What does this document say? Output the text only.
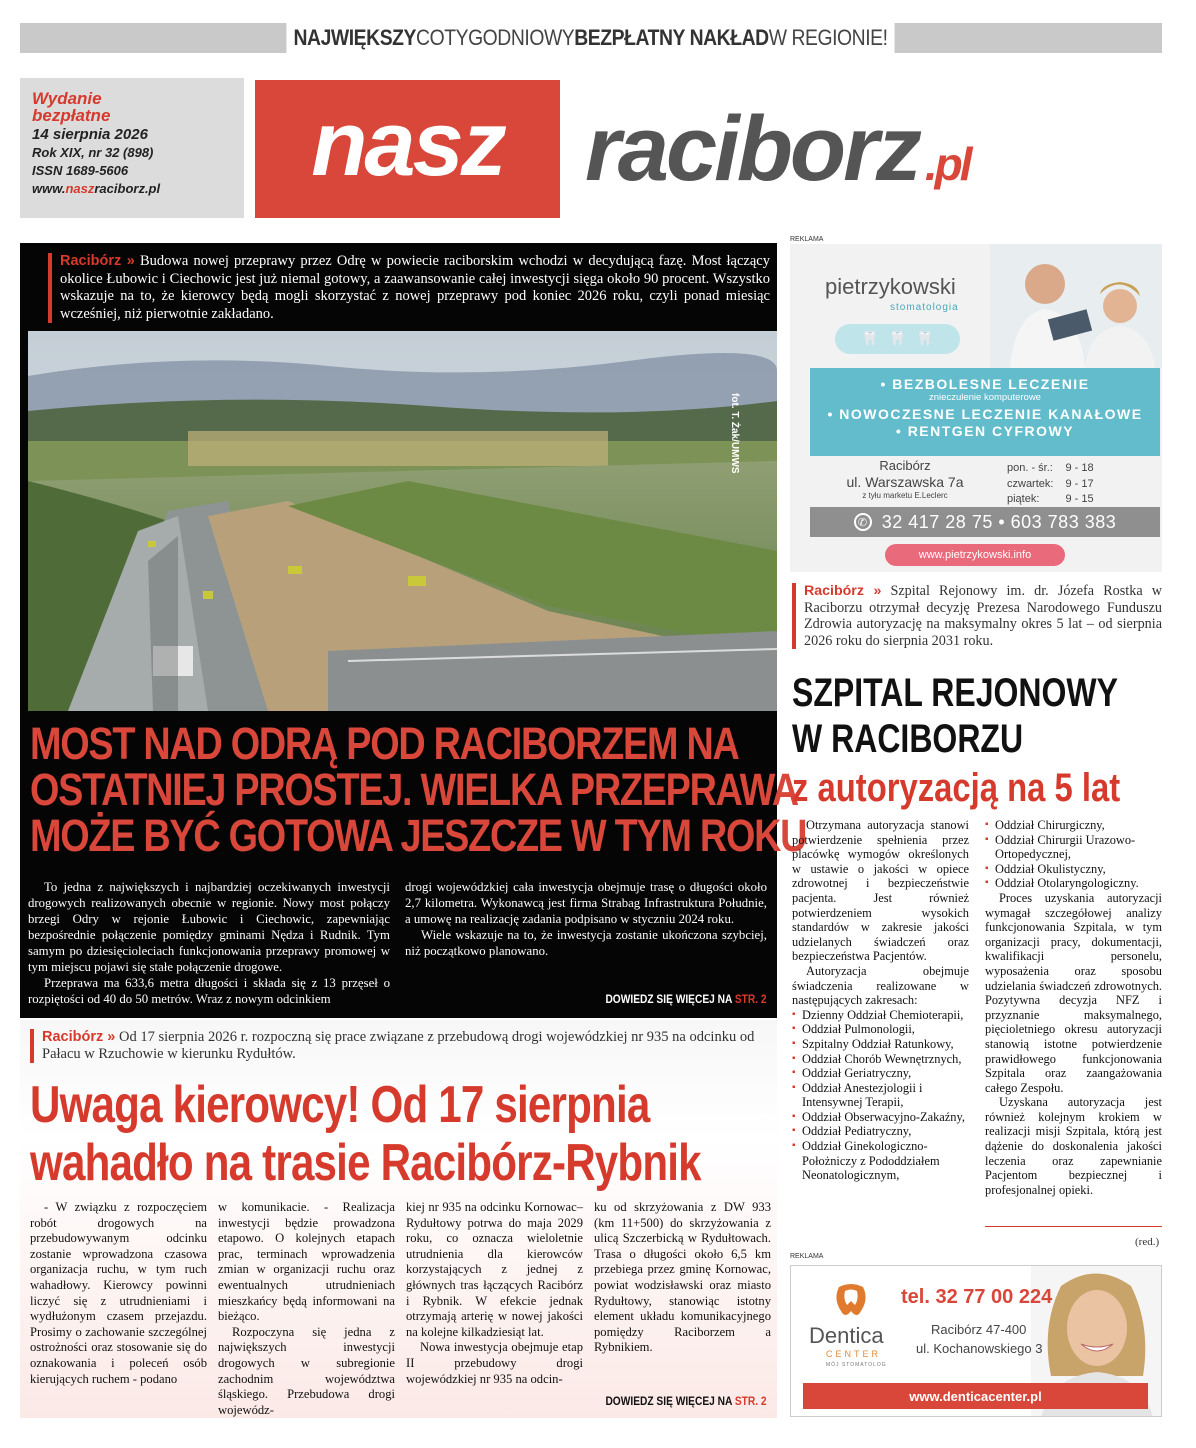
NAJWIĘKSZY COTYGODNIOWY BEZPŁATNY NAKŁAD W REGIONIE!
Wydanie bezpłatne
14 sierpnia 2026
Rok XIX, nr 32 (898)
ISSN 1689-5606
www.naszraciborz.pl	nasz raciborz .pl
Racibórz » Budowa nowej przeprawy przez Odrę w powiecie raciborskim wchodzi w decydującą fazę. Most łączący okolice Łubowic i Ciechowic jest już niemal gotowy, a zaawansowanie całej inwestycji sięga około 90 procent. Wszystko wskazuje na to, że kierowcy będą mogli skorzystać z nowej przeprawy pod koniec 2026 roku, czyli ponad miesiąc wcześniej, niż pierwotnie zakładano.
fot. T. Żak/UMWS
MOST NAD ODRĄ POD RACIBORZEM NA
OSTATNIEJ PROSTEJ. WIELKA PRZEPRAWA
MOŻE BYĆ GOTOWA JESZCZE W TYM ROKU

To jedna z największych i najbardziej oczekiwanych inwestycji drogowych realizowanych obecnie w regionie. Nowy most połączy brzegi Odry w rejonie Łubowic i Ciechowic, zapewniając bezpośrednie połączenie pomiędzy gminami Nędza i Rudnik. Tym samym po dziesięcioleciach funkcjonowania przeprawy promowej w tym miejscu pojawi się stałe połączenie drogowe.

Przeprawa ma 633,6 metra długości i składa się z 13 przęseł o rozpiętości od 40 do 50 metrów. Wraz z nowym odcinkiem

drogi wojewódzkiej cała inwestycja obejmuje trasę o długości około 2,7 kilometra. Wykonawcą jest firma Strabag Infrastruktura Południe, a umowę na realizację zadania podpisano w styczniu 2024 roku.

Wiele wskazuje na to, że inwestycja zostanie ukończona szybciej, niż początkowo planowano.

DOWIEDZ SIĘ WIĘCEJ NA STR. 2
Racibórz » Od 17 sierpnia 2026 r. rozpoczną się prace związane z przebudową drogi wojewódzkiej nr 935 na odcinku od Pałacu w Rzuchowie w kierunku Rydułtów.
Uwaga kierowcy! Od 17 sierpnia
wahadło na trasie Racibórz-Rybnik

- W związku z rozpoczęciem robót drogowych na przebudowywanym odcinku zostanie wprowadzona czasowa organizacja ruchu, w tym ruch wahadłowy. Kierowcy powinni liczyć się z utrudnieniami i wydłużonym czasem przejazdu. Prosimy o zachowanie szczególnej ostrożności oraz stosowanie się do oznakowania i poleceń osób kierujących ruchem - podano

w komunikacie. - Realizacja inwestycji będzie prowadzona etapowo. O kolejnych etapach prac, terminach wprowadzenia zmian w organizacji ruchu oraz ewentualnych utrudnieniach mieszkańcy będą informowani na bieżąco.

Rozpoczyna się jedna z największych inwestycji drogowych w subregionie zachodnim województwa śląskiego. Przebudowa drogi wojewódz-

kiej nr 935 na odcinku Kornowac–Rydułtowy potrwa do maja 2029 roku, co oznacza wieloletnie utrudnienia dla kierowców korzystających z jednej z głównych tras łączących Racibórz i Rybnik. W efekcie jednak otrzymają arterię w nowej jakości na kolejne kilkadziesiąt lat.

Nowa inwestycja obejmuje etap II przebudowy drogi wojewódzkiej nr 935 na odcin-

ku od skrzyżowania z DW 933 (km 11+500) do skrzyżowania z ulicą Szczerbicką w Rydułtowach. Trasa o długości około 6,5 km przebiega przez gminę Kornowac, powiat wodzisławski oraz miasto Rydułtowy, stanowiąc istotny element układu komunikacyjnego pomiędzy Raciborzem a Rybnikiem.

DOWIEDZ SIĘ WIĘCEJ NA STR. 2
REKLAMA
pietrzykowski
stomatologia
🦷 🦷 🦷
• BEZBOLESNE LECZENIE
znieczulenie komputerowe
• NOWOCZESNE LECZENIE KANAŁOWE
• RENTGEN CYFROWY
Racibórz
ul. Warszawska 7a
z tyłu marketu E.Leclerc
pon. - śr.:	9 - 18
czwartek:	9 - 17
piątek:	9 - 15
✆ 32 417 28 75 • 603 783 383
www.pietrzykowski.info
Racibórz » Szpital Rejonowy im. dr. Józefa Rostka w Raciborzu otrzymał decyzję Prezesa Narodowego Funduszu Zdrowia autoryzację na maksymalny okres 5 lat – od sierpnia 2026 roku do sierpnia 2031 roku.
SZPITAL REJONOWY
W RACIBORZU
z autoryzacją na 5 lat

Otrzymana autoryzacja stanowi potwierdzenie spełnienia przez placówkę wymogów określonych w ustawie o jakości w opiece zdrowotnej i bezpieczeństwie pacjenta. Jest również potwierdzeniem wysokich standardów w zakresie jakości udzielanych świadczeń oraz bezpieczeństwa Pacjentów.

Autoryzacja obejmuje świadczenia realizowane w następujących zakresach:

▪ Dzienny Oddział Chemioterapii,
▪ Oddział Pulmonologii,
▪ Szpitalny Oddział Ratunkowy,
▪ Oddział Chorób Wewnętrznych,
▪ Oddział Geriatryczny,
▪ Oddział Anestezjologii i Intensywnej Terapii,
▪ Oddział Obserwacyjno-Zakaźny,
▪ Oddział Pediatryczny,
▪ Oddział Ginekologiczno-Położniczy z Pododdziałem Neonatologicznym,
▪ Oddział Chirurgiczny,
▪ Oddział Chirurgii Urazowo-Ortopedycznej,
▪ Oddział Okulistyczny,
▪ Oddział Otolaryngologiczny.

Proces uzyskania autoryzacji wymagał szczegółowej analizy funkcjonowania Szpitala, w tym organizacji pracy, dokumentacji, kwalifikacji personelu, wyposażenia oraz sposobu udzielania świadczeń zdrowotnych. Pozytywna decyzja NFZ i przyznanie maksymalnego, pięcioletniego okresu autoryzacji stanowią istotne potwierdzenie prawidłowego funkcjonowania Szpitala oraz zaangażowania całego Zespołu.

Uzyskana autoryzacja jest również kolejnym krokiem w realizacji misji Szpitala, którą jest dążenie do doskonalenia jakości leczenia oraz zapewnianie Pacjentom bezpiecznej i profesjonalnej opieki.

(red.)
REKLAMA
Dentica
CENTER
MÓJ STOMATOLOG
tel. 32 77 00 224
Racibórz 47-400
ul. Kochanowskiego 3
www.denticacenter.pl
